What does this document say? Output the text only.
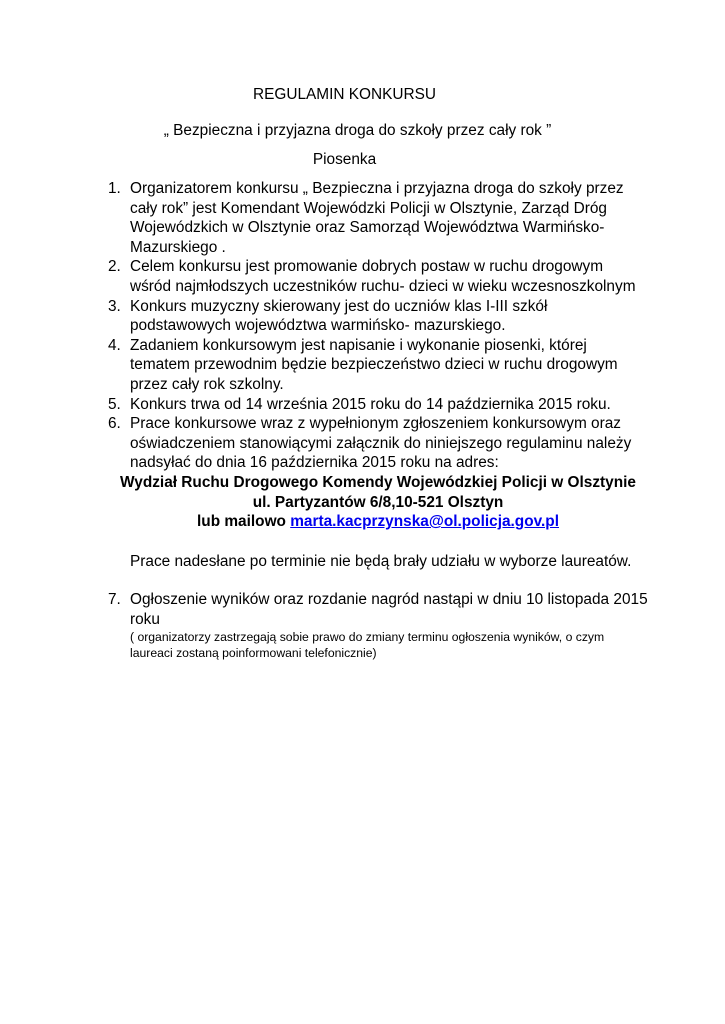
REGULAMIN KONKURSU
„ Bezpieczna i przyjazna droga do szkoły przez cały rok ”
Piosenka
1. Organizatorem konkursu „ Bezpieczna i przyjazna droga do szkoły przez cały rok” jest Komendant Wojewódzki Policji w Olsztynie, Zarząd Dróg Wojewódzkich w Olsztynie oraz Samorząd Województwa Warmińsko-Mazurskiego .
2. Celem konkursu jest promowanie dobrych postaw w ruchu drogowym wśród najmłodszych uczestników ruchu- dzieci w wieku wczesnoszkolnym
3. Konkurs muzyczny skierowany jest do uczniów klas I-III szkół podstawowych województwa warmińsko- mazurskiego.
4. Zadaniem konkursowym jest napisanie i wykonanie piosenki, której tematem przewodnim będzie bezpieczeństwo dzieci w ruchu drogowym przez cały rok szkolny.
5. Konkurs trwa od 14 września 2015 roku do 14 października 2015 roku.
6. Prace konkursowe wraz z wypełnionym zgłoszeniem konkursowym oraz oświadczeniem stanowiącymi załącznik do niniejszego regulaminu należy nadsyłać do dnia 16 października 2015 roku na adres:
Wydział Ruchu Drogowego Komendy Wojewódzkiej Policji w Olsztynie
ul. Partyzantów 6/8,10-521 Olsztyn
lub mailowo marta.kacprzynska@ol.policja.gov.pl
Prace nadesłane po terminie nie będą brały udziału w wyborze laureatów.
7. Ogłoszenie wyników oraz rozdanie nagród nastąpi w dniu 10 listopada 2015 roku
( organizatorzy zastrzegają sobie prawo do zmiany terminu ogłoszenia wyników, o czym laureaci zostaną poinformowani telefonicznie)
